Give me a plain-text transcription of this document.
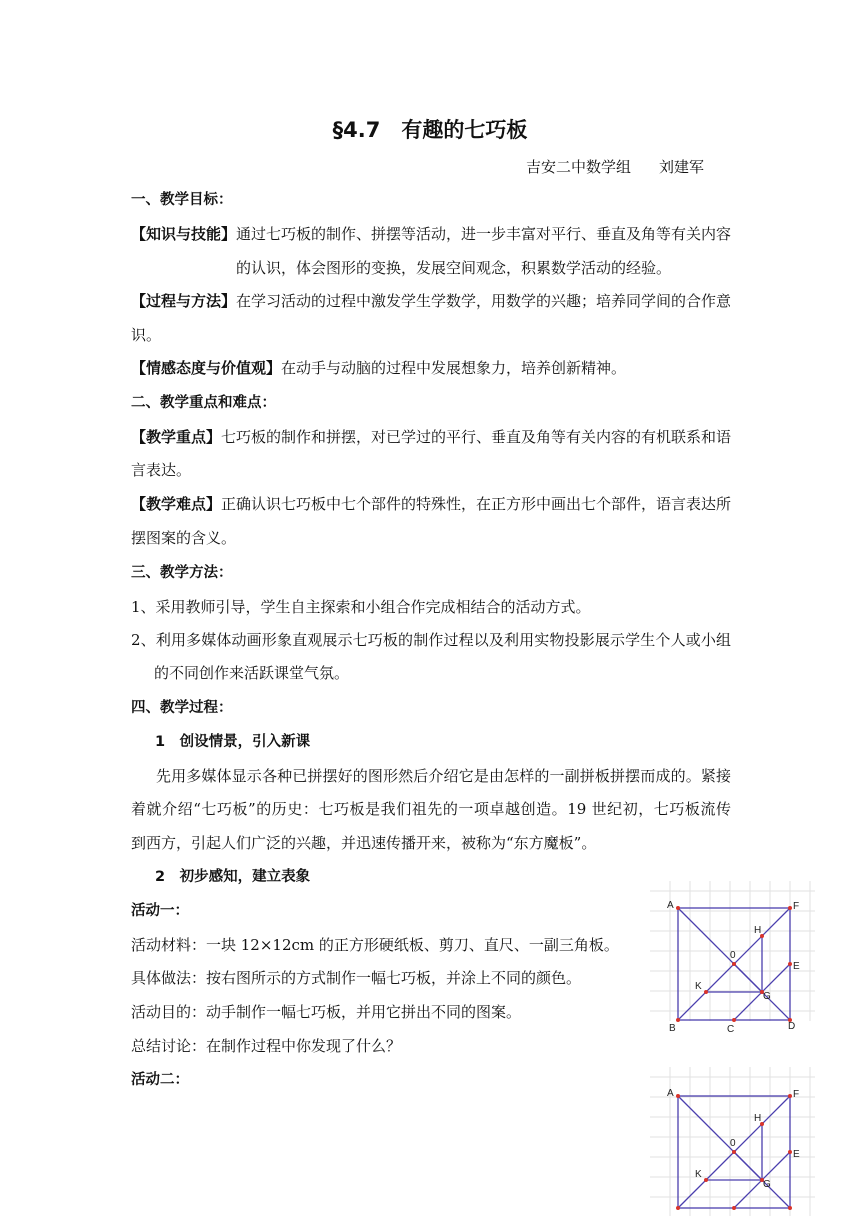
§4.7　有趣的七巧板
吉安二中数学组 刘建军
一、教学目标：
【知识与技能】通过七巧板的制作、拼摆等活动，进一步丰富对平行、垂直及角等有关内容
的认识，体会图形的变换，发展空间观念，积累数学活动的经验。
【过程与方法】在学习活动的过程中激发学生学数学，用数学的兴趣；培养同学间的合作意
识。
【情感态度与价值观】在动手与动脑的过程中发展想象力，培养创新精神。
二、教学重点和难点：
【教学重点】七巧板的制作和拼摆，对已学过的平行、垂直及角等有关内容的有机联系和语
言表达。
【教学难点】正确认识七巧板中七个部件的特殊性，在正方形中画出七个部件，语言表达所
摆图案的含义。
三、教学方法：
1、采用教师引导，学生自主探索和小组合作完成相结合的活动方式。
2、利用多媒体动画形象直观展示七巧板的制作过程以及利用实物投影展示学生个人或小组
的不同创作来活跃课堂气氛。
四、教学过程：
1　创设情景，引入新课
先用多媒体显示各种已拼摆好的图形然后介绍它是由怎样的一副拼板拼摆而成的。紧接
着就介绍“七巧板”的历史：七巧板是我们祖先的一项卓越创造。19 世纪初，七巧板流传
到西方，引起人们广泛的兴趣，并迅速传播开来，被称为“东方魔板”。
2　初步感知，建立表象
活动一：
活动材料：一块 12×12cm 的正方形硬纸板、剪刀、直尺、一副三角板。
具体做法：按右图所示的方式制作一幅七巧板，并涂上不同的颜色。
活动目的：动手制作一幅七巧板，并用它拼出不同的图案。
总结讨论：在制作过程中你发现了什么？
活动二：
A	F
H
0
E
K
G
B	C	D
A	F
H
0
E
K
G
